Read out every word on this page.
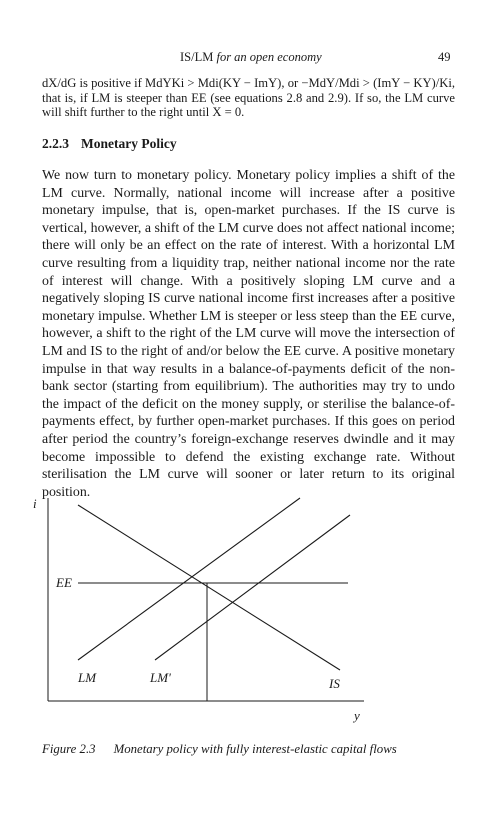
IS/LM for an open economy	49
dX/dG is positive if MdYKi > Mdi(KY − ImY), or −MdY/Mdi > (ImY − KY)/Ki, that is, if LM is steeper than EE (see equations 2.8 and 2.9). If so, the LM curve will shift further to the right until X = 0.
2.2.3 Monetary Policy

We now turn to monetary policy. Monetary policy implies a shift of the LM curve. Normally, national income will increase after a positive monetary impulse, that is, open-market purchases. If the IS curve is vertical, however, a shift of the LM curve does not affect national income; there will only be an effect on the rate of interest. With a horizontal LM curve resulting from a liquidity trap, neither national income nor the rate of interest will change. With a positively sloping LM curve and a negatively sloping IS curve national income first increases after a positive monetary impulse. Whether LM is steeper or less steep than the EE curve, however, a shift to the right of the LM curve will move the intersection of LM and IS to the right of and/or below the EE curve. A positive monetary impulse in that way results in a balance-of-payments deficit of the non-bank sector (starting from equilibrium). The authorities may try to undo the impact of the deficit on the money supply, or sterilise the balance-of-payments effect, by further open-market purchases. If this goes on period after period the country’s foreign-exchange reserves dwindle and it may become impossible to defend the existing exchange rate. Without sterilisation the LM curve will sooner or later return to its original position.

i
y
EE
LM	LM'	IS
Figure 2.3 Monetary policy with fully interest-elastic capital flows
